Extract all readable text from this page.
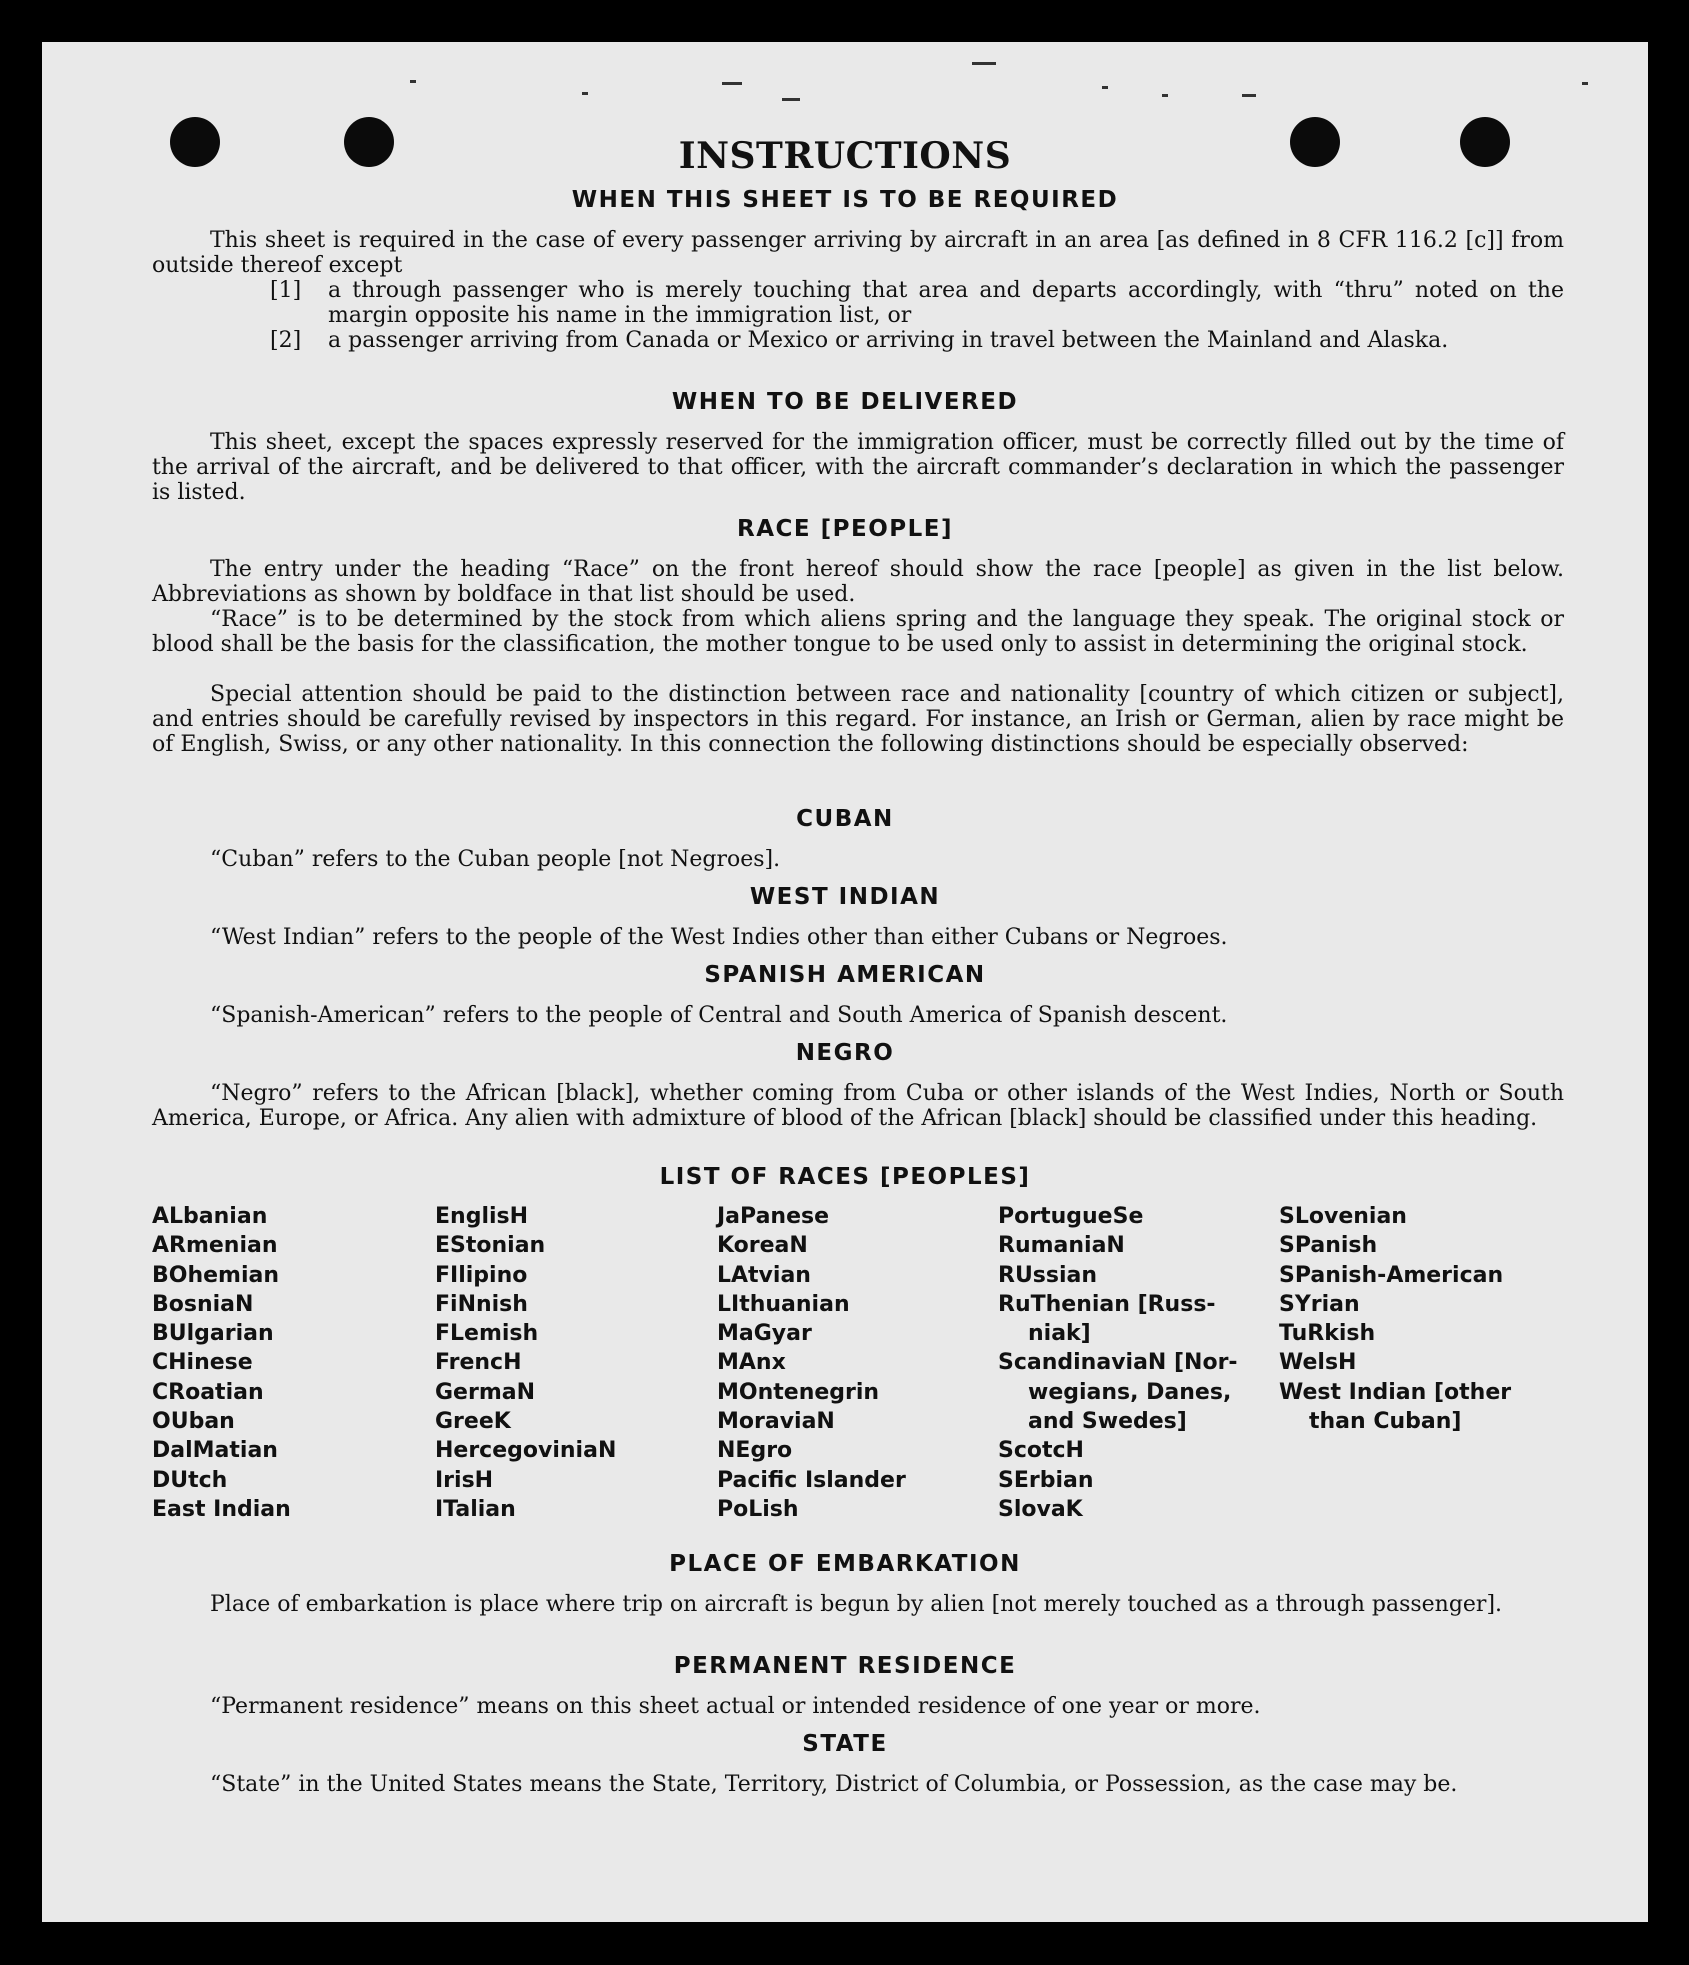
INSTRUCTIONS
WHEN THIS SHEET IS TO BE REQUIRED

This sheet is required in the case of every passenger arriving by aircraft in an area [as defined in 8 CFR 116.2 [c]] from outside thereof except

[1] a through passenger who is merely touching that area and departs accordingly, with “thru” noted on the margin opposite his name in the immigration list, or
[2] a passenger arriving from Canada or Mexico or arriving in travel between the Mainland and Alaska.
WHEN TO BE DELIVERED

This sheet, except the spaces expressly reserved for the immigration officer, must be correctly filled out by the time of the arrival of the aircraft, and be delivered to that officer, with the aircraft commander’s declaration in which the passenger is listed.

RACE [PEOPLE]

The entry under the heading “Race” on the front hereof should show the race [people] as given in the list below. Abbreviations as shown by boldface in that list should be used.

“Race” is to be determined by the stock from which aliens spring and the language they speak. The original stock or blood shall be the basis for the classification, the mother tongue to be used only to assist in determining the original stock.

Special attention should be paid to the distinction between race and nationality [country of which citizen or subject], and entries should be carefully revised by inspectors in this regard. For instance, an Irish or German, alien by race might be of English, Swiss, or any other nationality. In this connection the following distinctions should be especially observed:

CUBAN

“Cuban” refers to the Cuban people [not Negroes].

WEST INDIAN

“West Indian” refers to the people of the West Indies other than either Cubans or Negroes.

SPANISH AMERICAN

“Spanish-American” refers to the people of Central and South America of Spanish descent.

NEGRO

“Negro” refers to the African [black], whether coming from Cuba or other islands of the West Indies, North or South America, Europe, or Africa. Any alien with admixture of blood of the African [black] should be classified under this heading.

LIST OF RACES [PEOPLES]
ALbanian
ARmenian
BOhemian
BosniaN
BUlgarian
CHinese
CRoatian
OUban
DalMatian
DUtch
East Indian
EnglisH
EStonian
FIlipino
FiNnish
FLemish
FrencH
GermaN
GreeK
HercegoviniaN
IrisH
ITalian
JaPanese
KoreaN
LAtvian
LIthuanian
MaGyar
MAnx
MOntenegrin
MoraviaN
NEgro
Pacific Islander
PoLish
PortugueSe
RumaniaN
RUssian
RuThenian [Russ-
niak]
ScandinaviaN [Nor-
wegians, Danes,
and Swedes]
ScotcH
SErbian
SlovaK
SLovenian
SPanish
SPanish-American
SYrian
TuRkish
WelsH
West Indian [other
than Cuban]
PLACE OF EMBARKATION

Place of embarkation is place where trip on aircraft is begun by alien [not merely touched as a through passenger].

PERMANENT RESIDENCE

“Permanent residence” means on this sheet actual or intended residence of one year or more.

STATE

“State” in the United States means the State, Territory, District of Columbia, or Possession, as the case may be.
